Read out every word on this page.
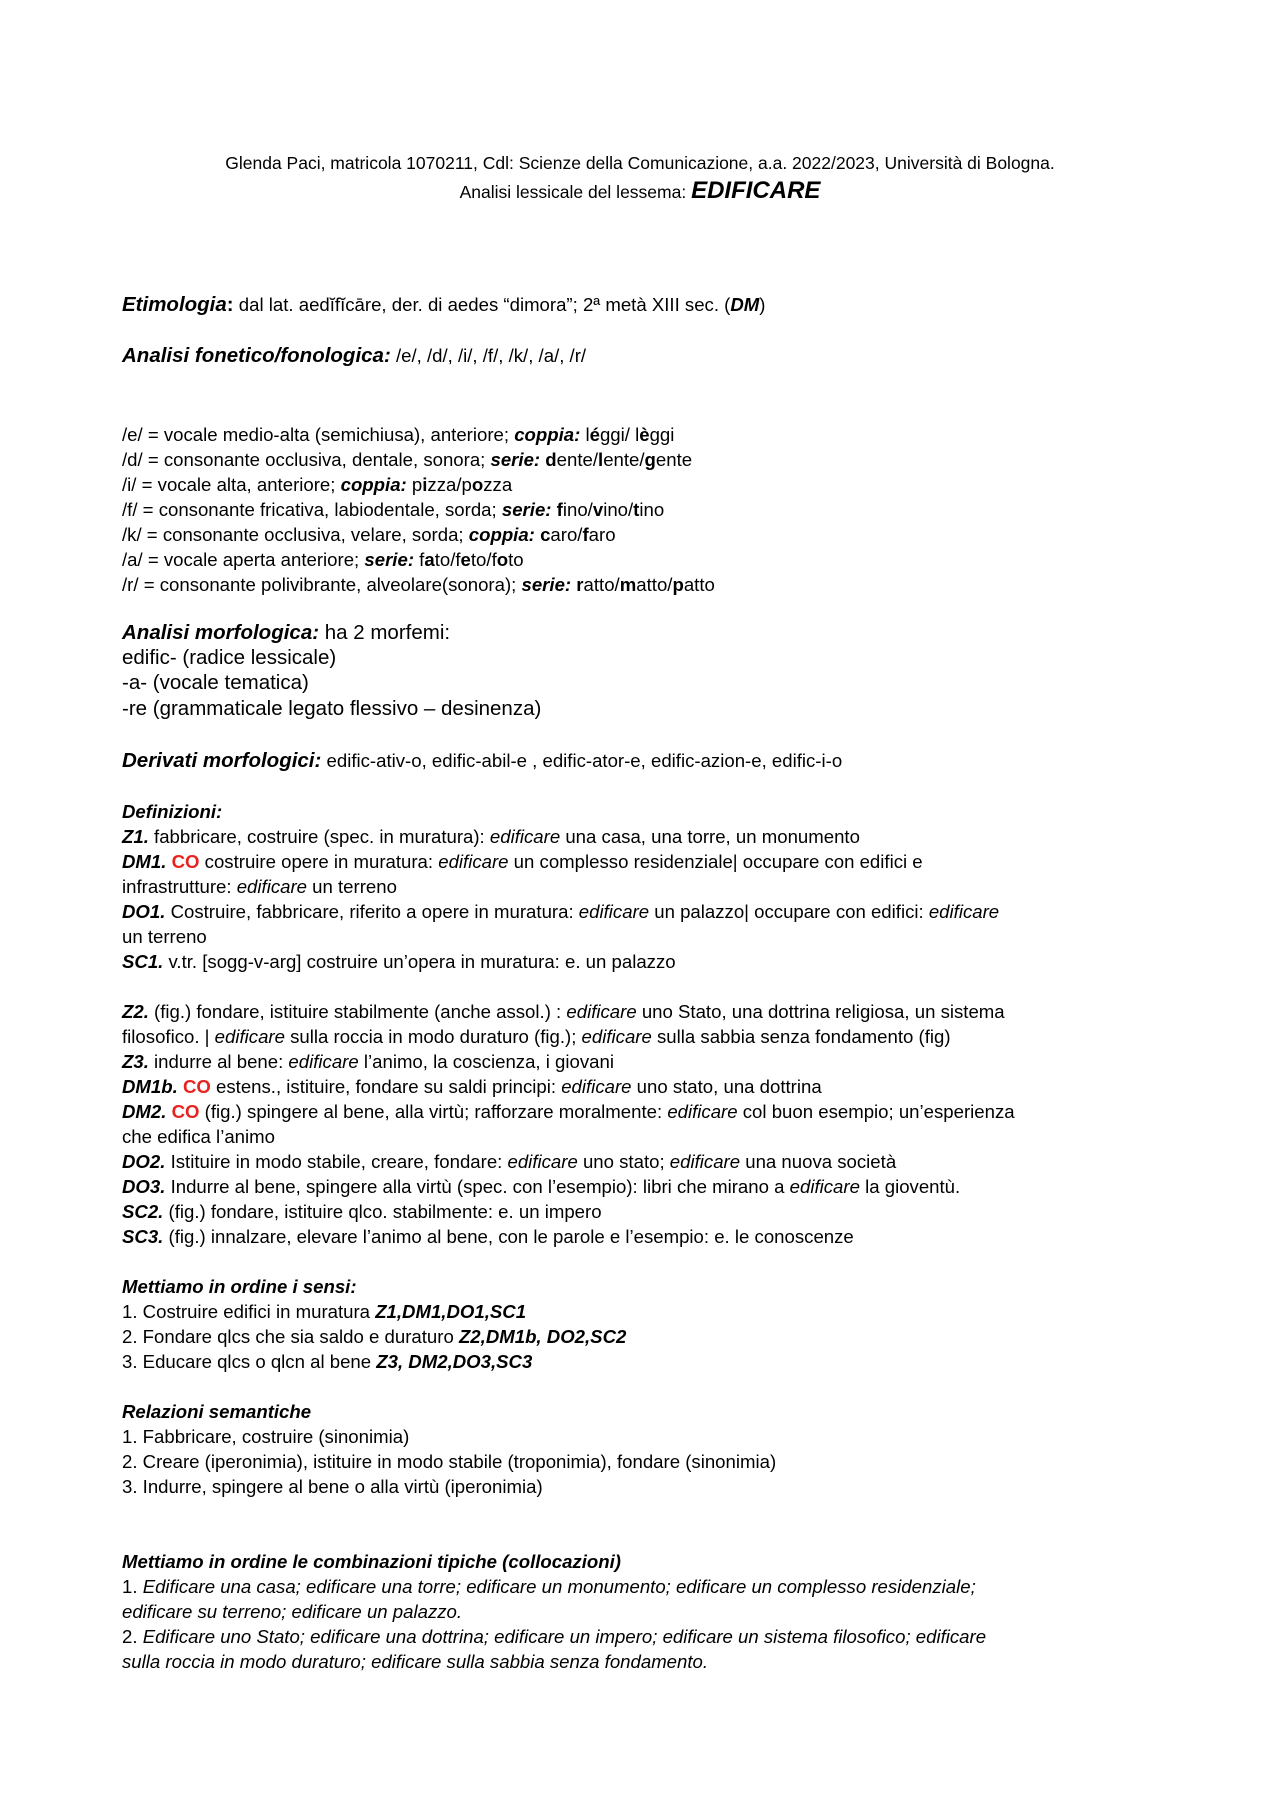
Glenda Paci, matricola 1070211, Cdl: Scienze della Comunicazione, a.a. 2022/2023, Università di Bologna.
Analisi lessicale del lessema: EDIFICARE
Etimologia: dal lat. aedĭfĭcāre, der. di aedes “dimora”; 2ª metà XIII sec. (DM)
Analisi fonetico/fonologica: /e/, /d/, /i/, /f/, /k/, /a/, /r/
/e/ = vocale medio-alta (semichiusa), anteriore; coppia: léggi/ lèggi
/d/ = consonante occlusiva, dentale, sonora; serie: dente/lente/gente
/i/ = vocale alta, anteriore; coppia: pizza/pozza
/f/ = consonante fricativa, labiodentale, sorda; serie: fino/vino/tino
/k/ = consonante occlusiva, velare, sorda; coppia: caro/faro
/a/ = vocale aperta anteriore; serie: fato/feto/foto
/r/ = consonante polivibrante, alveolare(sonora); serie: ratto/matto/patto
Analisi morfologica: ha 2 morfemi:
edific- (radice lessicale)
-a- (vocale tematica)
-re (grammaticale legato flessivo – desinenza)
Derivati morfologici: edific-ativ-o, edific-abil-e , edific-ator-e, edific-azion-e, edific-i-o
Definizioni:
Z1. fabbricare, costruire (spec. in muratura): edificare una casa, una torre, un monumento
DM1. CO costruire opere in muratura: edificare un complesso residenziale| occupare con edifici e
infrastrutture: edificare un terreno
DO1. Costruire, fabbricare, riferito a opere in muratura: edificare un palazzo| occupare con edifici: edificare
un terreno
SC1. v.tr. [sogg-v-arg] costruire un’opera in muratura: e. un palazzo
Z2. (fig.) fondare, istituire stabilmente (anche assol.) : edificare uno Stato, una dottrina religiosa, un sistema
filosofico. | edificare sulla roccia in modo duraturo (fig.); edificare sulla sabbia senza fondamento (fig)
Z3. indurre al bene: edificare l’animo, la coscienza, i giovani
DM1b. CO estens., istituire, fondare su saldi principi: edificare uno stato, una dottrina
DM2. CO (fig.) spingere al bene, alla virtù; rafforzare moralmente: edificare col buon esempio; un’esperienza
che edifica l’animo
DO2. Istituire in modo stabile, creare, fondare: edificare uno stato; edificare una nuova società
DO3. Indurre al bene, spingere alla virtù (spec. con l’esempio): libri che mirano a edificare la gioventù.
SC2. (fig.) fondare, istituire qlco. stabilmente: e. un impero
SC3. (fig.) innalzare, elevare l’animo al bene, con le parole e l’esempio: e. le conoscenze
Mettiamo in ordine i sensi:
1. Costruire edifici in muratura Z1,DM1,DO1,SC1
2. Fondare qlcs che sia saldo e duraturo Z2,DM1b, DO2,SC2
3. Educare qlcs o qlcn al bene Z3, DM2,DO3,SC3
Relazioni semantiche
1. Fabbricare, costruire (sinonimia)
2. Creare (iperonimia), istituire in modo stabile (troponimia), fondare (sinonimia)
3. Indurre, spingere al bene o alla virtù (iperonimia)
Mettiamo in ordine le combinazioni tipiche (collocazioni)
1. Edificare una casa; edificare una torre; edificare un monumento; edificare un complesso residenziale;
edificare su terreno; edificare un palazzo.
2. Edificare uno Stato; edificare una dottrina; edificare un impero; edificare un sistema filosofico; edificare
sulla roccia in modo duraturo; edificare sulla sabbia senza fondamento.
